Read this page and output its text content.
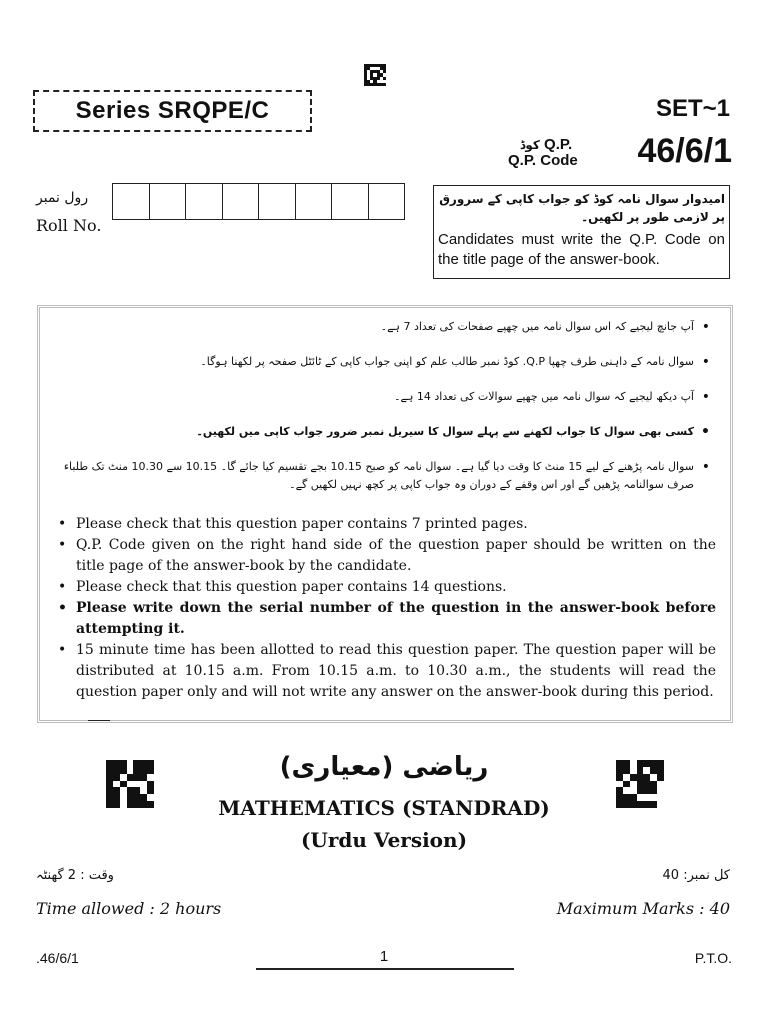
Series SRQPE/C	SET~1
کوڈ Q.P.
Q.P. Code 46/6/1
رول نمبر
Roll No.
امیدوار سوال نامہ کوڈ کو جواب کاپی کے سرورق پر لازمی طور پر لکھیں۔
Candidates must write the Q.P. Code on the title page of the answer-book.
• آپ جانچ لیجیے کہ اس سوال نامہ میں چھپے صفحات کی تعداد 7 ہے۔
• سوال نامہ کے داہنی طرف چھپا Q.P. کوڈ نمبر طالب علم کو اپنی جواب کاپی کے ٹائٹل صفحہ پر لکھنا ہوگا۔
• آپ دیکھ لیجیے کہ سوال نامہ میں چھپے سوالات کی تعداد 14 ہے۔
• کسی بھی سوال کا جواب لکھنے سے پہلے سوال کا سیریل نمبر ضرور جواب کاپی میں لکھیں۔
• سوال نامہ پڑھنے کے لیے 15 منٹ کا وقت دیا گیا ہے۔ سوال نامہ کو صبح 10.15 بجے تقسیم کیا جائے گا۔ 10.15 سے 10.30 منٹ تک طلباء صرف سوالنامہ پڑھیں گے اور اس وقفے کے دوران وہ جواب کاپی پر کچھ نہیں لکھیں گے۔
• Please check that this question paper contains 7 printed pages.
• Q.P. Code given on the right hand side of the question paper should be written on the title page of the answer-book by the candidate.
• Please check that this question paper contains 14 questions.
• Please write down the serial number of the question in the answer-book before attempting it.
• 15 minute time has been allotted to read this question paper. The question paper will be distributed at 10.15 a.m. From 10.15 a.m. to 10.30 a.m., the students will read the question paper only and will not write any answer on the answer-book during this period.
ریاضی (معیاری)
MATHEMATICS (STANDRAD)
(Urdu Version)
وقت : 2 گھنٹہ	کل نمبر: 40
Time allowed : 2 hours	Maximum Marks : 40
.46/6/1	1	P.T.O.
